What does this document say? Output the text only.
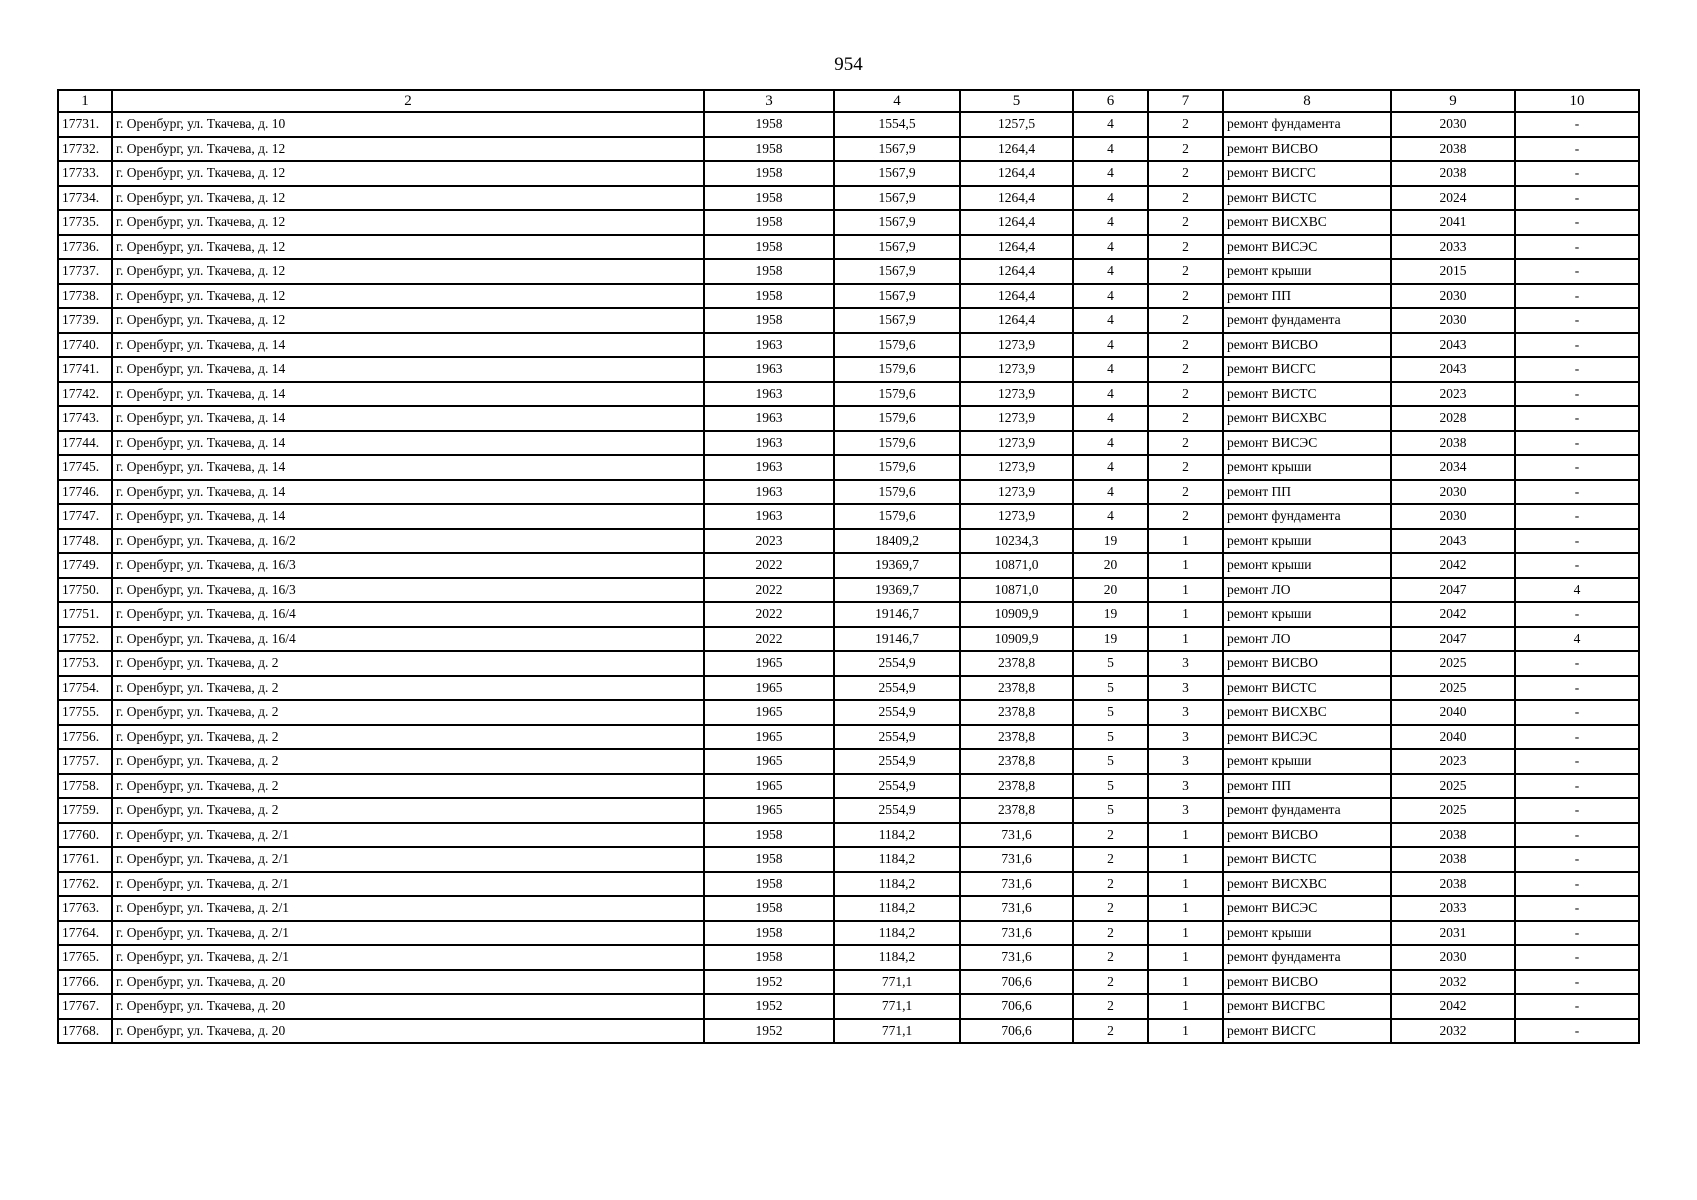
954
1	2	3	4	5	6	7	8	9	10
17731.	г. Оренбург, ул. Ткачева, д. 10	1958	1554,5	1257,5	4	2	ремонт фундамента	2030	-
17732.	г. Оренбург, ул. Ткачева, д. 12	1958	1567,9	1264,4	4	2	ремонт ВИСВО	2038	-
17733.	г. Оренбург, ул. Ткачева, д. 12	1958	1567,9	1264,4	4	2	ремонт ВИСГС	2038	-
17734.	г. Оренбург, ул. Ткачева, д. 12	1958	1567,9	1264,4	4	2	ремонт ВИСТС	2024	-
17735.	г. Оренбург, ул. Ткачева, д. 12	1958	1567,9	1264,4	4	2	ремонт ВИСХВС	2041	-
17736.	г. Оренбург, ул. Ткачева, д. 12	1958	1567,9	1264,4	4	2	ремонт ВИСЭС	2033	-
17737.	г. Оренбург, ул. Ткачева, д. 12	1958	1567,9	1264,4	4	2	ремонт крыши	2015	-
17738.	г. Оренбург, ул. Ткачева, д. 12	1958	1567,9	1264,4	4	2	ремонт ПП	2030	-
17739.	г. Оренбург, ул. Ткачева, д. 12	1958	1567,9	1264,4	4	2	ремонт фундамента	2030	-
17740.	г. Оренбург, ул. Ткачева, д. 14	1963	1579,6	1273,9	4	2	ремонт ВИСВО	2043	-
17741.	г. Оренбург, ул. Ткачева, д. 14	1963	1579,6	1273,9	4	2	ремонт ВИСГС	2043	-
17742.	г. Оренбург, ул. Ткачева, д. 14	1963	1579,6	1273,9	4	2	ремонт ВИСТС	2023	-
17743.	г. Оренбург, ул. Ткачева, д. 14	1963	1579,6	1273,9	4	2	ремонт ВИСХВС	2028	-
17744.	г. Оренбург, ул. Ткачева, д. 14	1963	1579,6	1273,9	4	2	ремонт ВИСЭС	2038	-
17745.	г. Оренбург, ул. Ткачева, д. 14	1963	1579,6	1273,9	4	2	ремонт крыши	2034	-
17746.	г. Оренбург, ул. Ткачева, д. 14	1963	1579,6	1273,9	4	2	ремонт ПП	2030	-
17747.	г. Оренбург, ул. Ткачева, д. 14	1963	1579,6	1273,9	4	2	ремонт фундамента	2030	-
17748.	г. Оренбург, ул. Ткачева, д. 16/2	2023	18409,2	10234,3	19	1	ремонт крыши	2043	-
17749.	г. Оренбург, ул. Ткачева, д. 16/3	2022	19369,7	10871,0	20	1	ремонт крыши	2042	-
17750.	г. Оренбург, ул. Ткачева, д. 16/3	2022	19369,7	10871,0	20	1	ремонт ЛО	2047	4
17751.	г. Оренбург, ул. Ткачева, д. 16/4	2022	19146,7	10909,9	19	1	ремонт крыши	2042	-
17752.	г. Оренбург, ул. Ткачева, д. 16/4	2022	19146,7	10909,9	19	1	ремонт ЛО	2047	4
17753.	г. Оренбург, ул. Ткачева, д. 2	1965	2554,9	2378,8	5	3	ремонт ВИСВО	2025	-
17754.	г. Оренбург, ул. Ткачева, д. 2	1965	2554,9	2378,8	5	3	ремонт ВИСТС	2025	-
17755.	г. Оренбург, ул. Ткачева, д. 2	1965	2554,9	2378,8	5	3	ремонт ВИСХВС	2040	-
17756.	г. Оренбург, ул. Ткачева, д. 2	1965	2554,9	2378,8	5	3	ремонт ВИСЭС	2040	-
17757.	г. Оренбург, ул. Ткачева, д. 2	1965	2554,9	2378,8	5	3	ремонт крыши	2023	-
17758.	г. Оренбург, ул. Ткачева, д. 2	1965	2554,9	2378,8	5	3	ремонт ПП	2025	-
17759.	г. Оренбург, ул. Ткачева, д. 2	1965	2554,9	2378,8	5	3	ремонт фундамента	2025	-
17760.	г. Оренбург, ул. Ткачева, д. 2/1	1958	1184,2	731,6	2	1	ремонт ВИСВО	2038	-
17761.	г. Оренбург, ул. Ткачева, д. 2/1	1958	1184,2	731,6	2	1	ремонт ВИСТС	2038	-
17762.	г. Оренбург, ул. Ткачева, д. 2/1	1958	1184,2	731,6	2	1	ремонт ВИСХВС	2038	-
17763.	г. Оренбург, ул. Ткачева, д. 2/1	1958	1184,2	731,6	2	1	ремонт ВИСЭС	2033	-
17764.	г. Оренбург, ул. Ткачева, д. 2/1	1958	1184,2	731,6	2	1	ремонт крыши	2031	-
17765.	г. Оренбург, ул. Ткачева, д. 2/1	1958	1184,2	731,6	2	1	ремонт фундамента	2030	-
17766.	г. Оренбург, ул. Ткачева, д. 20	1952	771,1	706,6	2	1	ремонт ВИСВО	2032	-
17767.	г. Оренбург, ул. Ткачева, д. 20	1952	771,1	706,6	2	1	ремонт ВИСГВС	2042	-
17768.	г. Оренбург, ул. Ткачева, д. 20	1952	771,1	706,6	2	1	ремонт ВИСГС	2032	-
